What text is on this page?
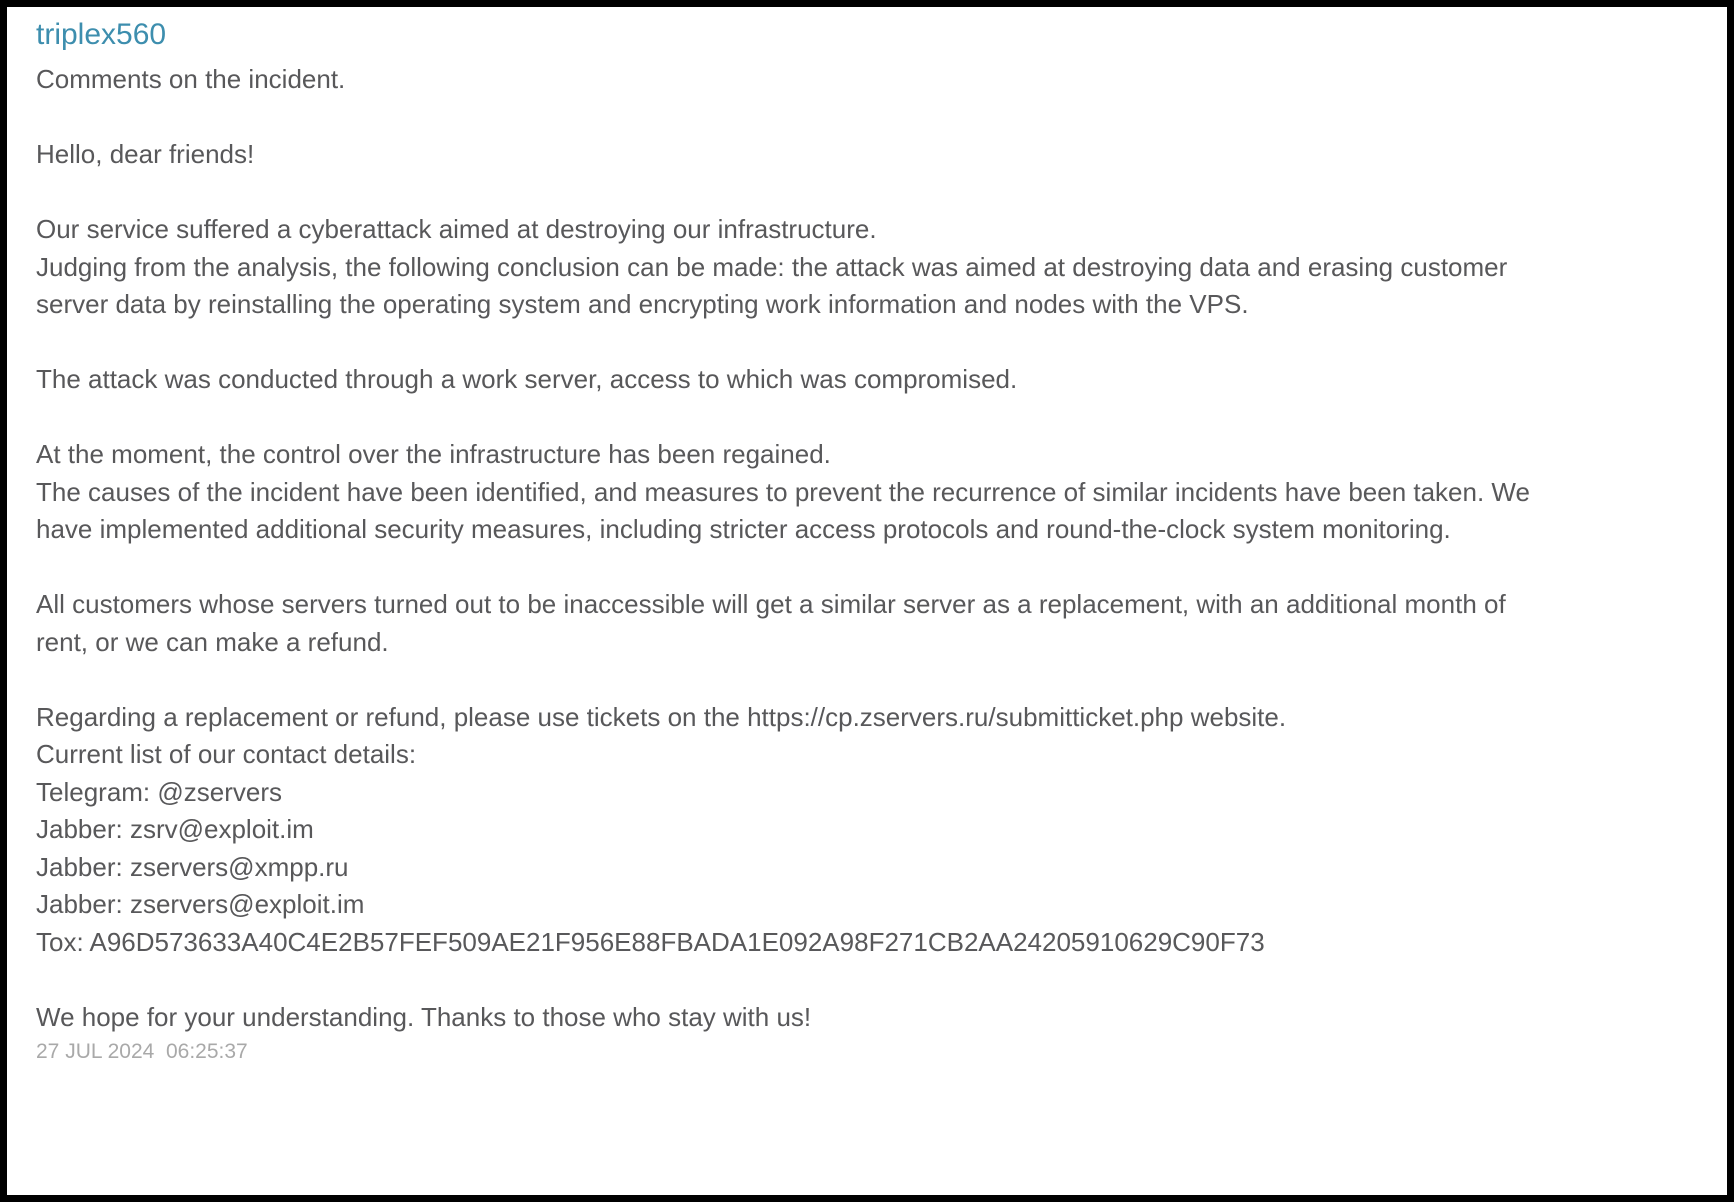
triplex560
Comments on the incident.
Hello, dear friends!
Our service suffered a cyberattack aimed at destroying our infrastructure.
Judging from the analysis, the following conclusion can be made: the attack was aimed at destroying data and erasing customer
server data by reinstalling the operating system and encrypting work information and nodes with the VPS.
The attack was conducted through a work server, access to which was compromised.
At the moment, the control over the infrastructure has been regained.
The causes of the incident have been identified, and measures to prevent the recurrence of similar incidents have been taken. We
have implemented additional security measures, including stricter access protocols and round-the-clock system monitoring.
All customers whose servers turned out to be inaccessible will get a similar server as a replacement, with an additional month of
rent, or we can make a refund.
Regarding a replacement or refund, please use tickets on the https://cp.zservers.ru/submitticket.php website.
Current list of our contact details:
Telegram: @zservers
Jabber: zsrv@exploit.im
Jabber: zservers@xmpp.ru
Jabber: zservers@exploit.im
Tox: A96D573633A40C4E2B57FEF509AE21F956E88FBADA1E092A98F271CB2AA24205910629C90F73
We hope for your understanding. Thanks to those who stay with us!
27 JUL 2024  06:25:37
